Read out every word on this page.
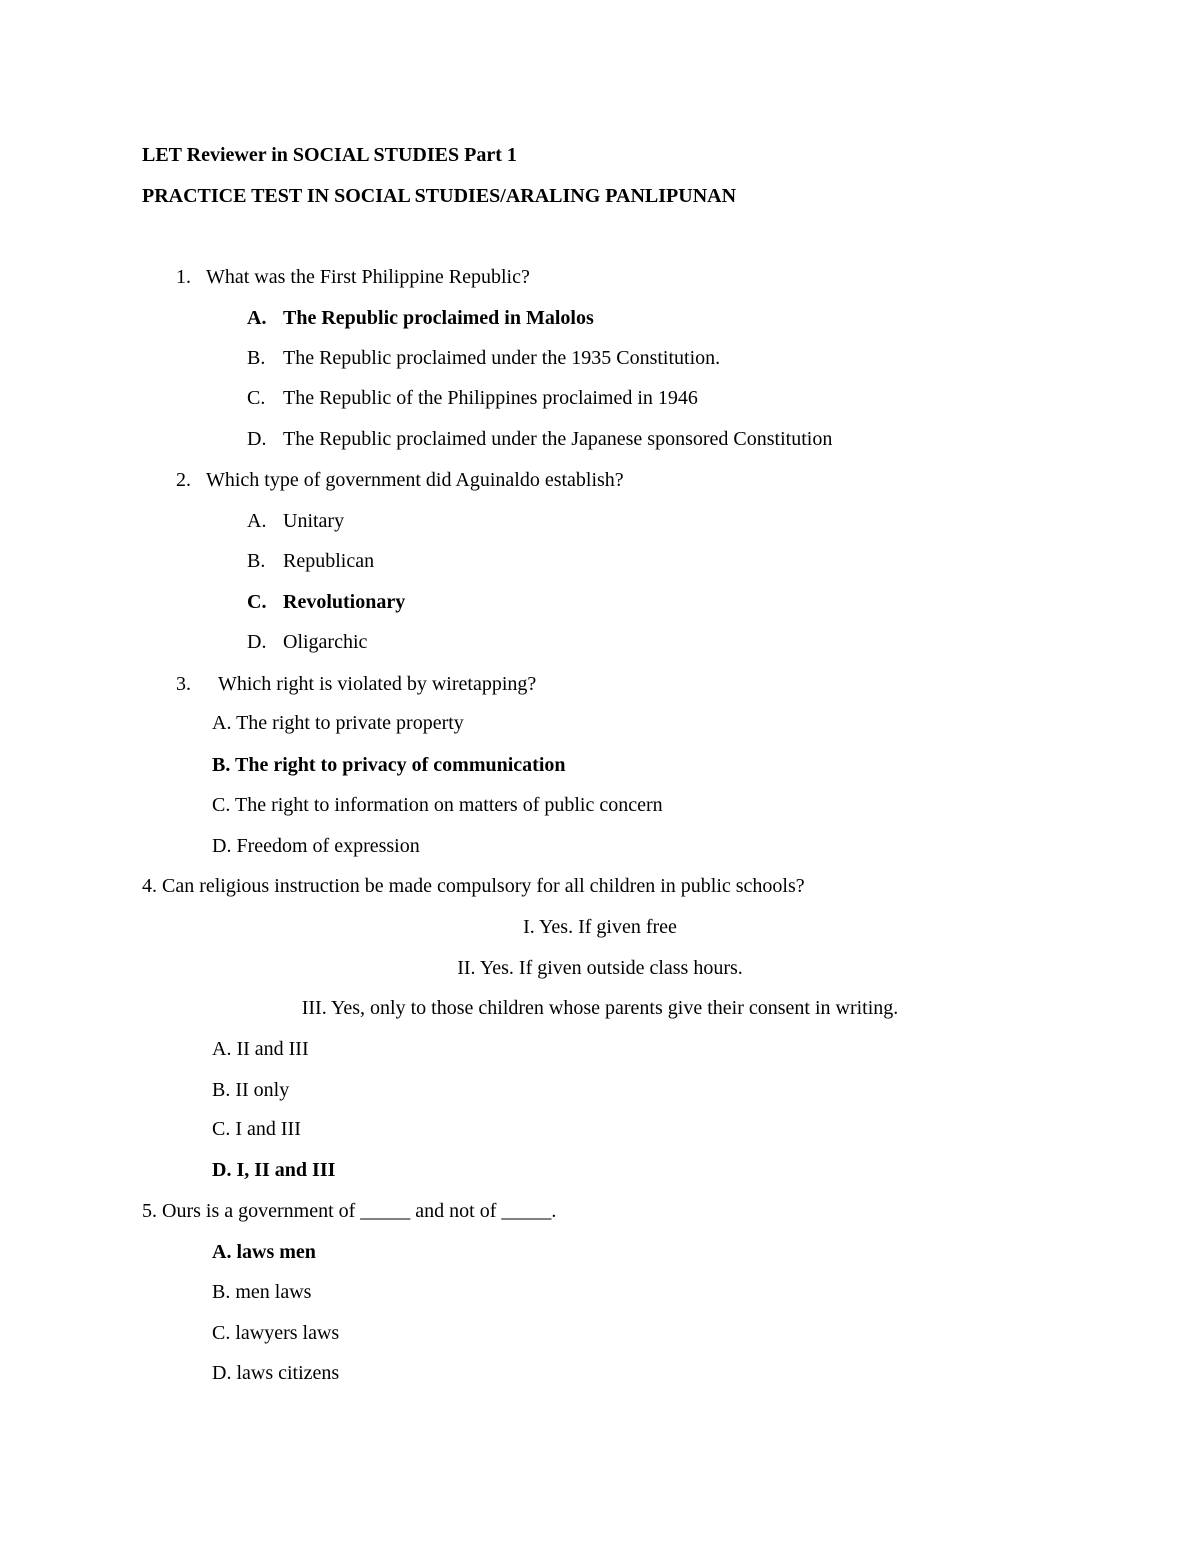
LET Reviewer in SOCIAL STUDIES Part 1
PRACTICE TEST IN SOCIAL STUDIES/ARALING PANLIPUNAN
1. What was the First Philippine Republic?
A. The Republic proclaimed in Malolos
B. The Republic proclaimed under the 1935 Constitution.
C. The Republic of the Philippines proclaimed in 1946
D. The Republic proclaimed under the Japanese sponsored Constitution
2. Which type of government did Aguinaldo establish?
A. Unitary
B. Republican
C. Revolutionary
D. Oligarchic
3. Which right is violated by wiretapping?
A. The right to private property
B. The right to privacy of communication
C. The right to information on matters of public concern
D. Freedom of expression
4. Can religious instruction be made compulsory for all children in public schools?
I. Yes. If given free
II. Yes. If given outside class hours.
III. Yes, only to those children whose parents give their consent in writing.
A. II and III
B. II only
C. I and III
D. I, II and III
5. Ours is a government of _____ and not of _____.
A. laws men
B. men laws
C. lawyers laws
D. laws citizens
